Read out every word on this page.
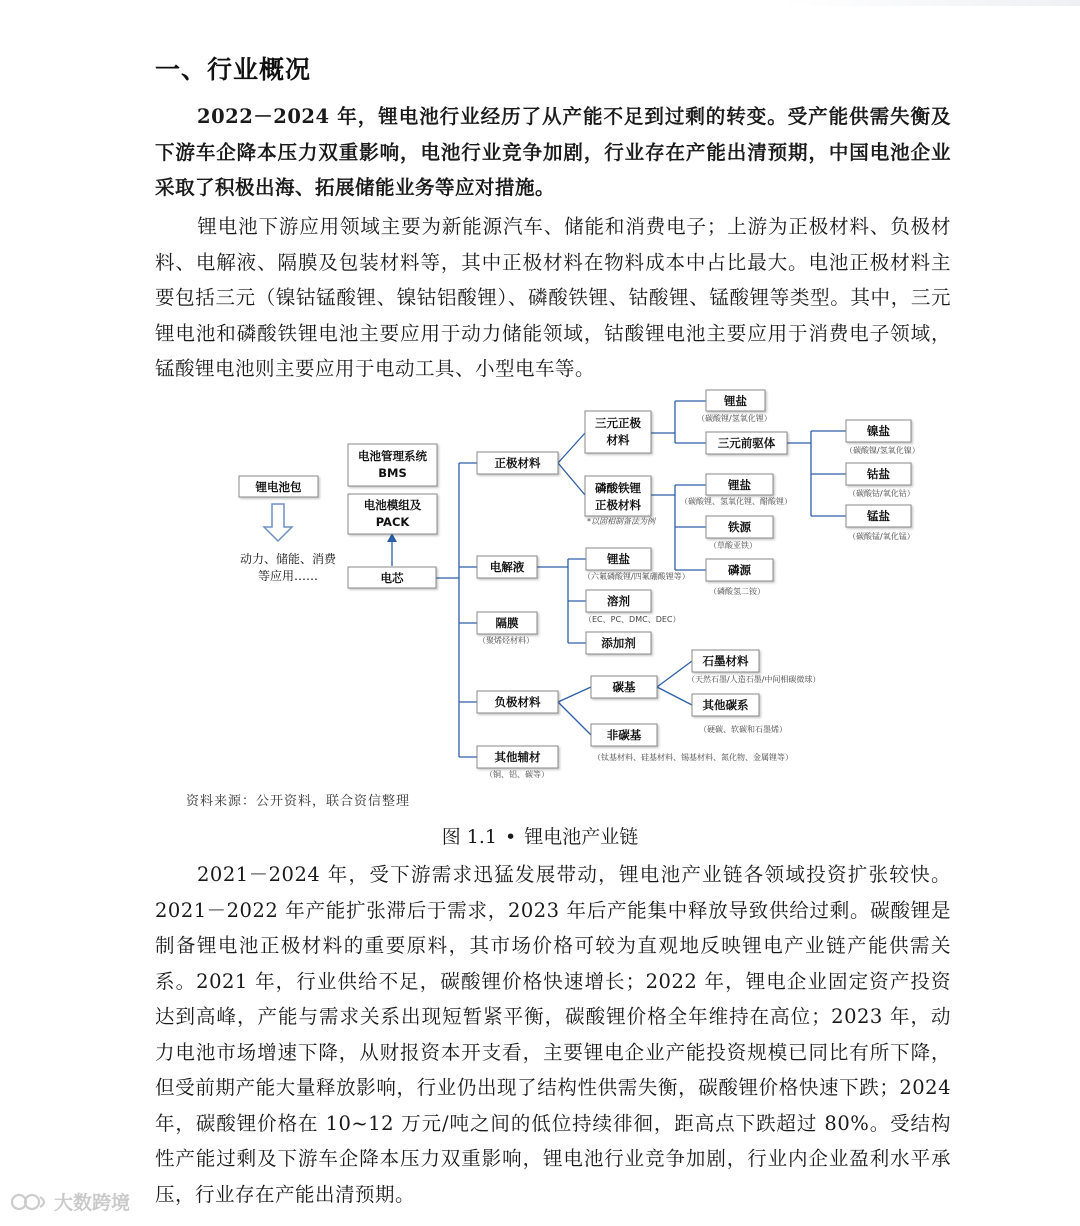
一、行业概况

2022－2024 年，锂电池行业经历了从产能不足到过剩的转变。受产能供需失衡及下游车企降本压力双重影响，电池行业竞争加剧，行业存在产能出清预期，中国电池企业采取了积极出海、拓展储能业务等应对措施。

锂电池下游应用领域主要为新能源汽车、储能和消费电子；上游为正极材料、负极材料、电解液、隔膜及包装材料等，其中正极材料在物料成本中占比最大。电池正极材料主要包括三元（镍钴锰酸锂、镍钴铝酸锂）、磷酸铁锂、钴酸锂、锰酸锂等类型。其中，三元锂电池和磷酸铁锂电池主要应用于动力储能领域，钴酸锂电池主要应用于消费电子领域，锰酸锂电池则主要应用于电动工具、小型电车等。

锂电池包
动力、储能、消费
等应用……
电池管理系统
BMS
电池模组及
PACK
电芯
正极材料
电解液
隔膜
（聚烯烃材料）
负极材料
其他辅材
（铜、铝、碳等）
三元正极
材料
磷酸铁锂
正极材料
*以固相制备法为例
锂盐
（碳酸锂/氢氧化锂）
三元前驱体
镍盐
（碳酸镍/氢氧化镍）
钴盐
（碳酸钴/氧化钴）
锰盐
（碳酸锰/氧化锰）
锂盐
（碳酸锂、氢氧化锂、醋酸锂）
铁源
（草酸亚铁）
磷源
（磷酸氢二铵）
锂盐
（六氟磷酸锂/四氟硼酸锂等）
溶剂
（EC、PC、DMC、DEC）
添加剂
碳基
石墨材料
（天然石墨/人造石墨/中间相碳微球）
其他碳系
（硬碳、软碳和石墨烯）
非碳基
（钛基材料、硅基材料、锡基材料、氮化物、金属锂等）
资料来源：公开资料，联合资信整理
图 1.1 • 锂电池产业链

2021－2024 年，受下游需求迅猛发展带动，锂电池产业链各领域投资扩张较快。2021－2022 年产能扩张滞后于需求，2023 年后产能集中释放导致供给过剩。碳酸锂是制备锂电池正极材料的重要原料，其市场价格可较为直观地反映锂电产业链产能供需关系。2021 年，行业供给不足，碳酸锂价格快速增长；2022 年，锂电企业固定资产投资达到高峰，产能与需求关系出现短暂紧平衡，碳酸锂价格全年维持在高位；2023 年，动力电池市场增速下降，从财报资本开支看，主要锂电企业产能投资规模已同比有所下降，但受前期产能大量释放影响，行业仍出现了结构性供需失衡，碳酸锂价格快速下跌；2024 年，碳酸锂价格在 10~12 万元/吨之间的低位持续徘徊，距高点下跌超过 80%。受结构性产能过剩及下游车企降本压力双重影响，锂电池行业竞争加剧，行业内企业盈利水平承压，行业存在产能出清预期。

大数跨境
